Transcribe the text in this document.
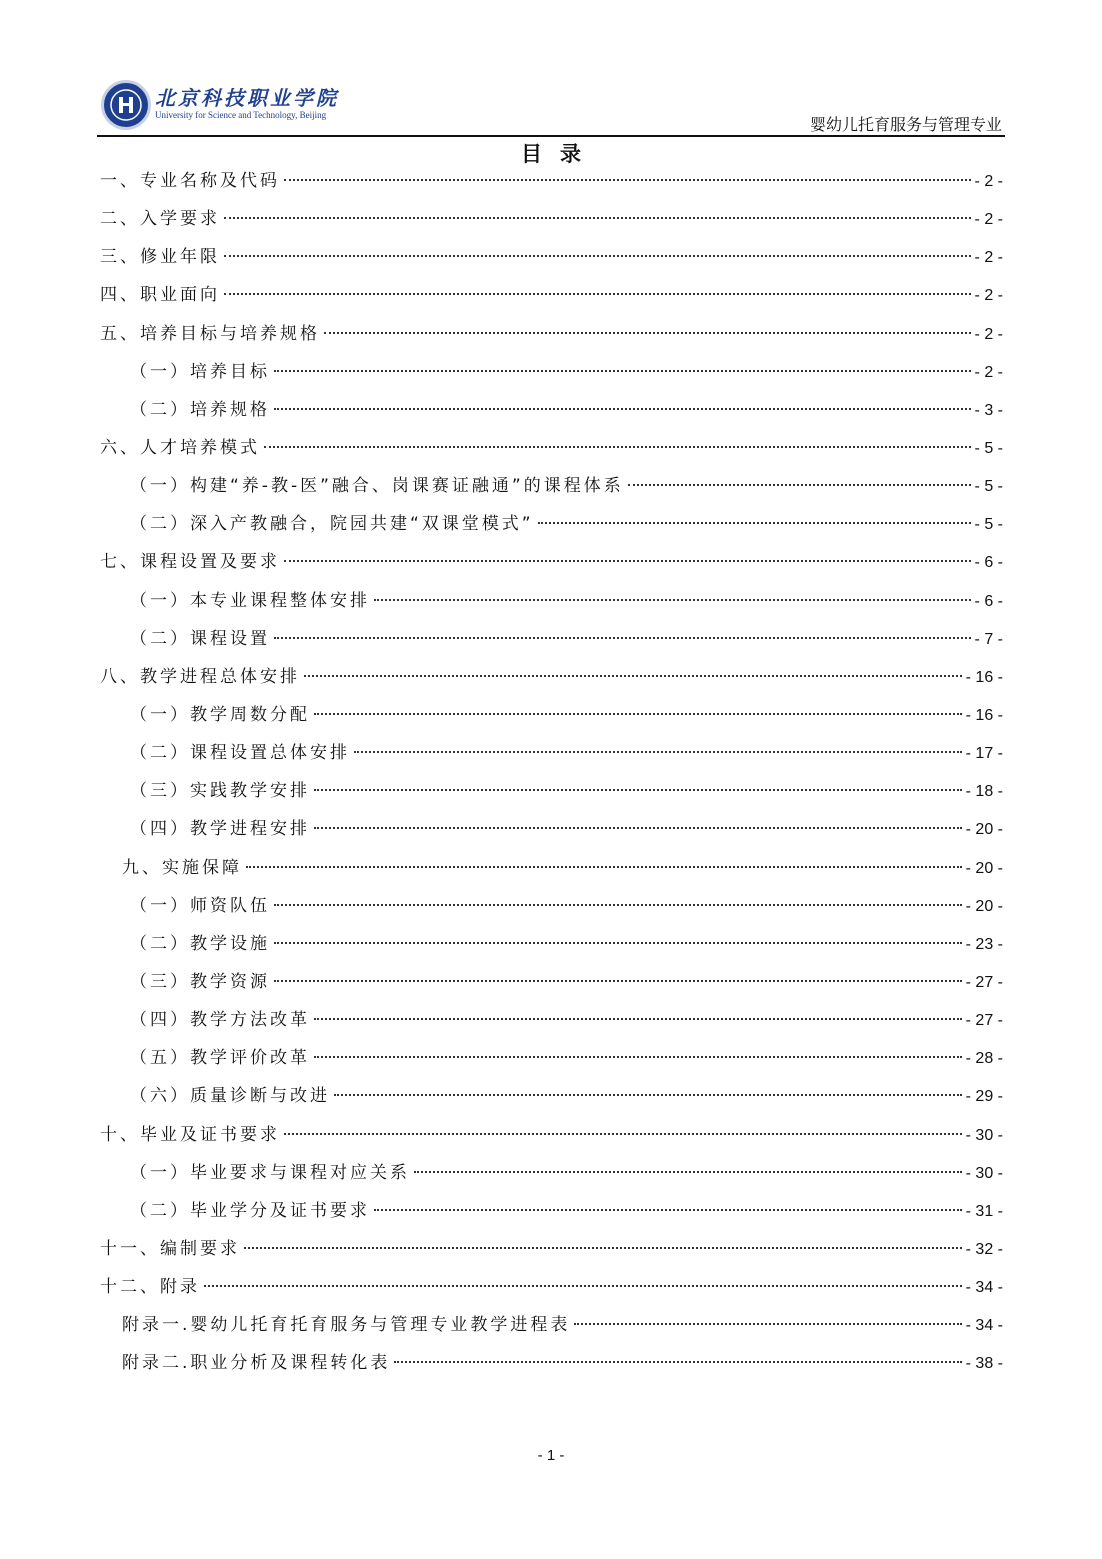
北京科技职业学院
University for Science and Technology, Beijing	婴幼儿托育服务与管理专业
目录
一、专业名称及代码	- 2 -
二、入学要求	- 2 -
三、修业年限	- 2 -
四、职业面向	- 2 -
五、培养目标与培养规格	- 2 -
（一）培养目标	- 2 -
（二）培养规格	- 3 -
六、人才培养模式	- 5 -
（一）构建“养-教-医”融合、岗课赛证融通”的课程体系	- 5 -
（二）深入产教融合，院园共建“双课堂模式”	- 5 -
七、课程设置及要求	- 6 -
（一）本专业课程整体安排	- 6 -
（二）课程设置	- 7 -
八、教学进程总体安排	- 16 -
（一）教学周数分配	- 16 -
（二）课程设置总体安排	- 17 -
（三）实践教学安排	- 18 -
（四）教学进程安排	- 20 -
九、实施保障	- 20 -
（一）师资队伍	- 20 -
（二）教学设施	- 23 -
（三）教学资源	- 27 -
（四）教学方法改革	- 27 -
（五）教学评价改革	- 28 -
（六）质量诊断与改进	- 29 -
十、毕业及证书要求	- 30 -
（一）毕业要求与课程对应关系	- 30 -
（二）毕业学分及证书要求	- 31 -
十一、编制要求	- 32 -
十二、附录	- 34 -
附录一.婴幼儿托育托育服务与管理专业教学进程表	- 34 -
附录二.职业分析及课程转化表	- 38 -
- 1 -
